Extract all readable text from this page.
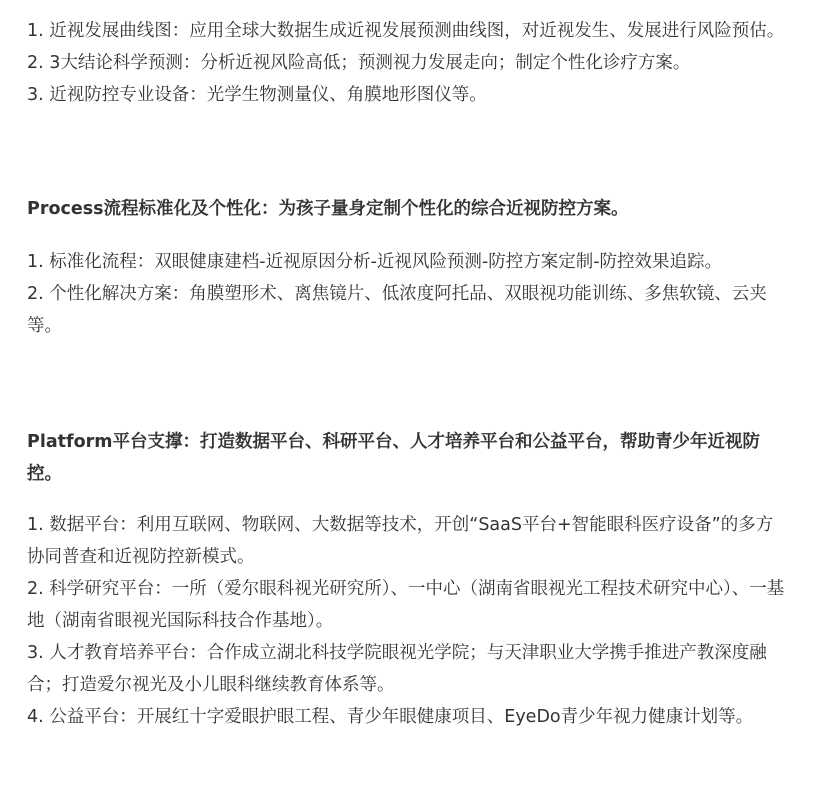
1. 近视发展曲线图：应用全球大数据生成近视发展预测曲线图，对近视发生、发展进行风险预估。
2. 3大结论科学预测：分析近视风险高低；预测视力发展走向；制定个性化诊疗方案。
3. 近视防控专业设备：光学生物测量仪、角膜地形图仪等。
Process流程标准化及个性化：为孩子量身定制个性化的综合近视防控方案。
1. 标准化流程：双眼健康建档-近视原因分析-近视风险预测-防控方案定制-防控效果追踪。
2. 个性化解决方案：角膜塑形术、离焦镜片、低浓度阿托品、双眼视功能训练、多焦软镜、云夹等。
Platform平台支撑：打造数据平台、科研平台、人才培养平台和公益平台，帮助青少年近视防控。
1. 数据平台：利用互联网、物联网、大数据等技术，开创“SaaS平台+智能眼科医疗设备”的多方协同普查和近视防控新模式。
2. 科学研究平台：一所（爱尔眼科视光研究所）、一中心（湖南省眼视光工程技术研究中心）、一基地（湖南省眼视光国际科技合作基地）。
3. 人才教育培养平台：合作成立湖北科技学院眼视光学院；与天津职业大学携手推进产教深度融合；打造爱尔视光及小儿眼科继续教育体系等。
4. 公益平台：开展红十字爱眼护眼工程、青少年眼健康项目、EyeDo青少年视力健康计划等。
